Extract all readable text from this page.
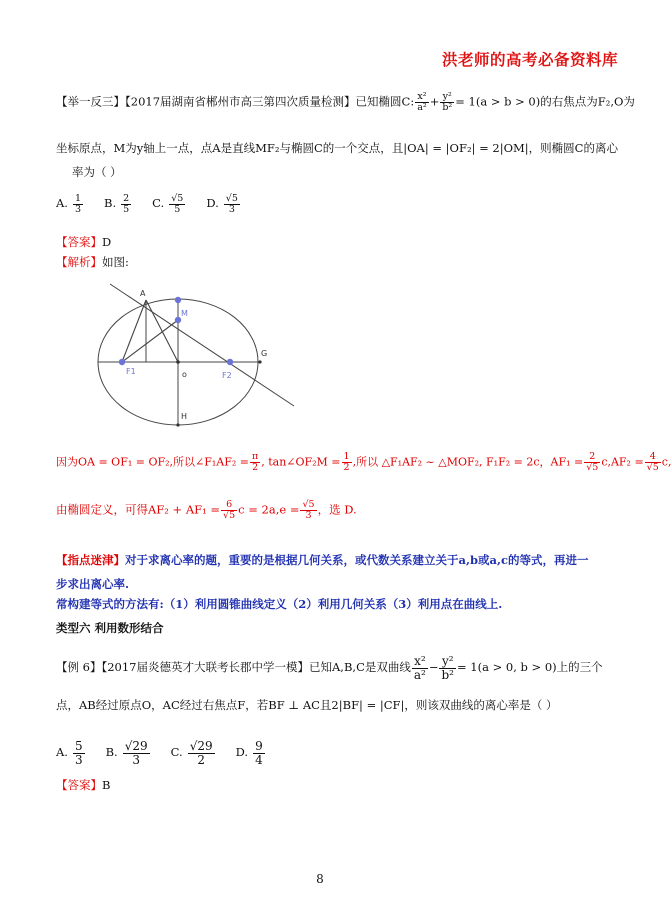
洪老师的高考必备资料库
【举一反三】【2017届湖南省郴州市高三第四次质量检测】已知椭圆C: $\frac{\text{x²}}{\text{a²}} + \frac{\text{y²}}{\text{b²}} = 1(a > b > 0)$的右焦点为F₂,O为
坐标原点，M为y轴上一点，点A是直线MF₂与椭圆C的一个交点，且|OA| = |OF₂| = 2|OM|，则椭圆C的离心
率为（ ）
A. $\frac{1}{3} B$. $\frac{2}{5} C$. $\frac{√5}{5} D$. $\frac{√5}{3}$
【答案】D
【解析】如图:
A
M
F1	o	F2
G
H
因为OA = OF₁ = OF₂,所以∠F₁AF₂ = $\frac{\pi}{2}$ , tan∠OF₂M = $\frac{1}{2}$ ,所以 △F₁AF₂ ~ △MOF₂, F₁F₂ = 2c，$AF_1 = \frac{2}{√5} c,AF_2 = \frac{4}{√5} c$,
由椭圆定义，可得$AF_2 + AF_1 = \frac{6}{√5}$ $c = 2a,e = \frac{√5}{3}$ ，选 D.
【指点迷津】对于求离心率的题，重要的是根据几何关系，或代数关系建立关于a,b或a,c的等式，再进一
步求出离心率.
常构建等式的方法有:（1）利用圆锥曲线定义（2）利用几何关系（3）利用点在曲线上.
类型六 利用数形结合
【例 6】【2017届炎德英才大联考长郡中学一模】已知A,B,C是双曲线 $\frac{\text{x²}}{\text{a²}} - \frac{\text{y²}}{\text{b²}} = 1(a > 0$, b > 0)上的三个
点，AB经过原点O，AC经过右焦点F，若BF ⊥ AC且2|BF| = |CF|，则该双曲线的离心率是（ ）
A. $\frac{5}{3} B$. $\frac{√29}{3} C$. $\frac{√29}{2} D$. $\frac{9}{4}$
【答案】B
8
